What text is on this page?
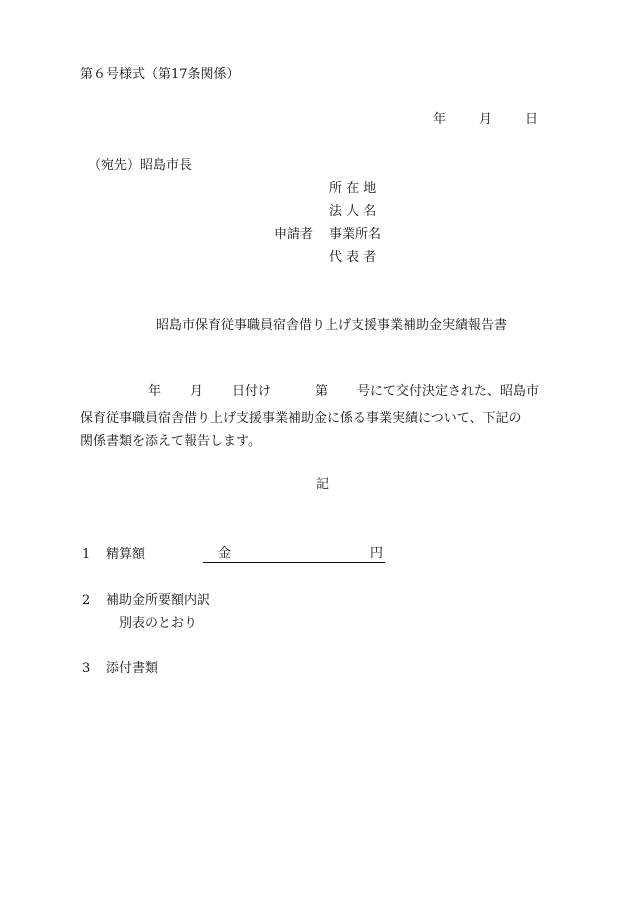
第６号様式（第17条関係）
年	月	日
（宛先）昭島市長
所 在 地
法 人 名
申請者 事業所名
代 表 者
昭島市保育従事職員宿舎借り上げ支援事業補助金実績報告書
年 月 日付け	第 号にて交付決定された、昭島市
保育従事職員宿舎借り上げ支援事業補助金に係る事業実績について、下記の
関係書類を添えて報告します。
記
1 精算額	金	円
2 補助金所要額内訳
別表のとおり
3 添付書類
